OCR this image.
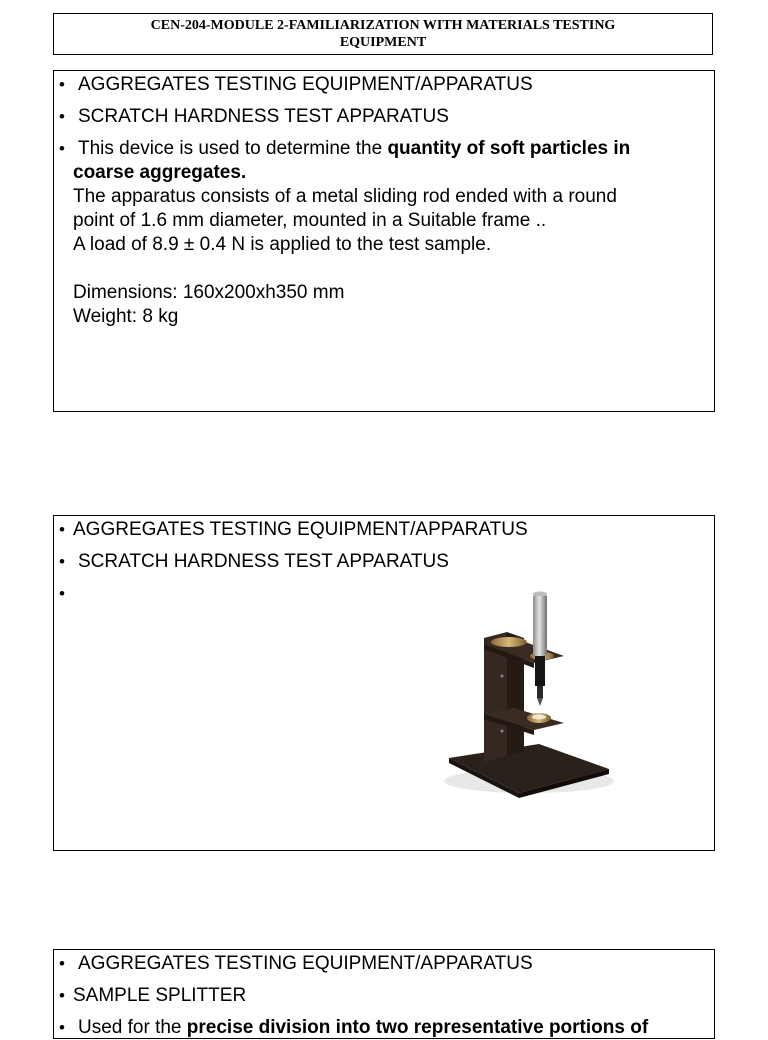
CEN-204-MODULE 2-FAMILIARIZATION WITH MATERIALS TESTING
EQUIPMENT
• AGGREGATES TESTING EQUIPMENT/APPARATUS
• SCRATCH HARDNESS TEST APPARATUS
• This device is used to determine the quantity of soft particles in
coarse aggregates.
The apparatus consists of a metal sliding rod ended with a round
point of 1.6 mm diameter, mounted in a Suitable frame ..
A load of 8.9 ± 0.4 N is applied to the test sample.
Dimensions: 160x200xh350 mm
Weight: 8 kg
• AGGREGATES TESTING EQUIPMENT/APPARATUS
• SCRATCH HARDNESS TEST APPARATUS
•

• AGGREGATES TESTING EQUIPMENT/APPARATUS
• SAMPLE SPLITTER
• Used for the precise division into two representative portions of
